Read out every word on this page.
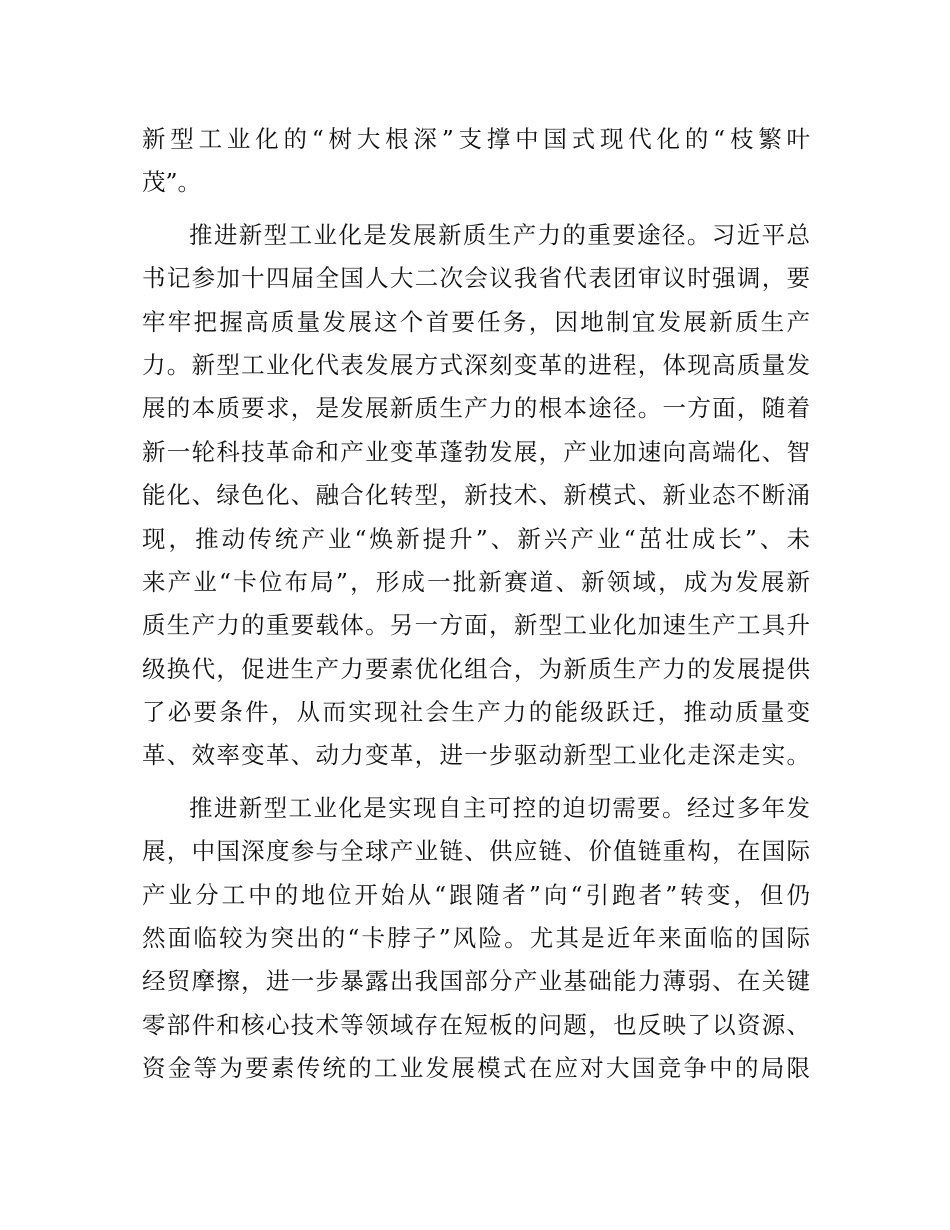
新型工业化的“树大根深”支撑中国式现代化的“枝繁叶
茂”。
推进新型工业化是发展新质生产力的重要途径。习近平总
书记参加十四届全国人大二次会议我省代表团审议时强调，要
牢牢把握高质量发展这个首要任务，因地制宜发展新质生产
力。新型工业化代表发展方式深刻变革的进程，体现高质量发
展的本质要求，是发展新质生产力的根本途径。一方面，随着
新一轮科技革命和产业变革蓬勃发展，产业加速向高端化、智
能化、绿色化、融合化转型，新技术、新模式、新业态不断涌
现，推动传统产业“焕新提升”、新兴产业“茁壮成长”、未
来产业“卡位布局”，形成一批新赛道、新领域，成为发展新
质生产力的重要载体。另一方面，新型工业化加速生产工具升
级换代，促进生产力要素优化组合，为新质生产力的发展提供
了必要条件，从而实现社会生产力的能级跃迁，推动质量变
革、效率变革、动力变革，进一步驱动新型工业化走深走实。
推进新型工业化是实现自主可控的迫切需要。经过多年发
展，中国深度参与全球产业链、供应链、价值链重构，在国际
产业分工中的地位开始从“跟随者”向“引跑者”转变，但仍
然面临较为突出的“卡脖子”风险。尤其是近年来面临的国际
经贸摩擦，进一步暴露出我国部分产业基础能力薄弱、在关键
零部件和核心技术等领域存在短板的问题，也反映了以资源、
资金等为要素传统的工业发展模式在应对大国竞争中的局限
